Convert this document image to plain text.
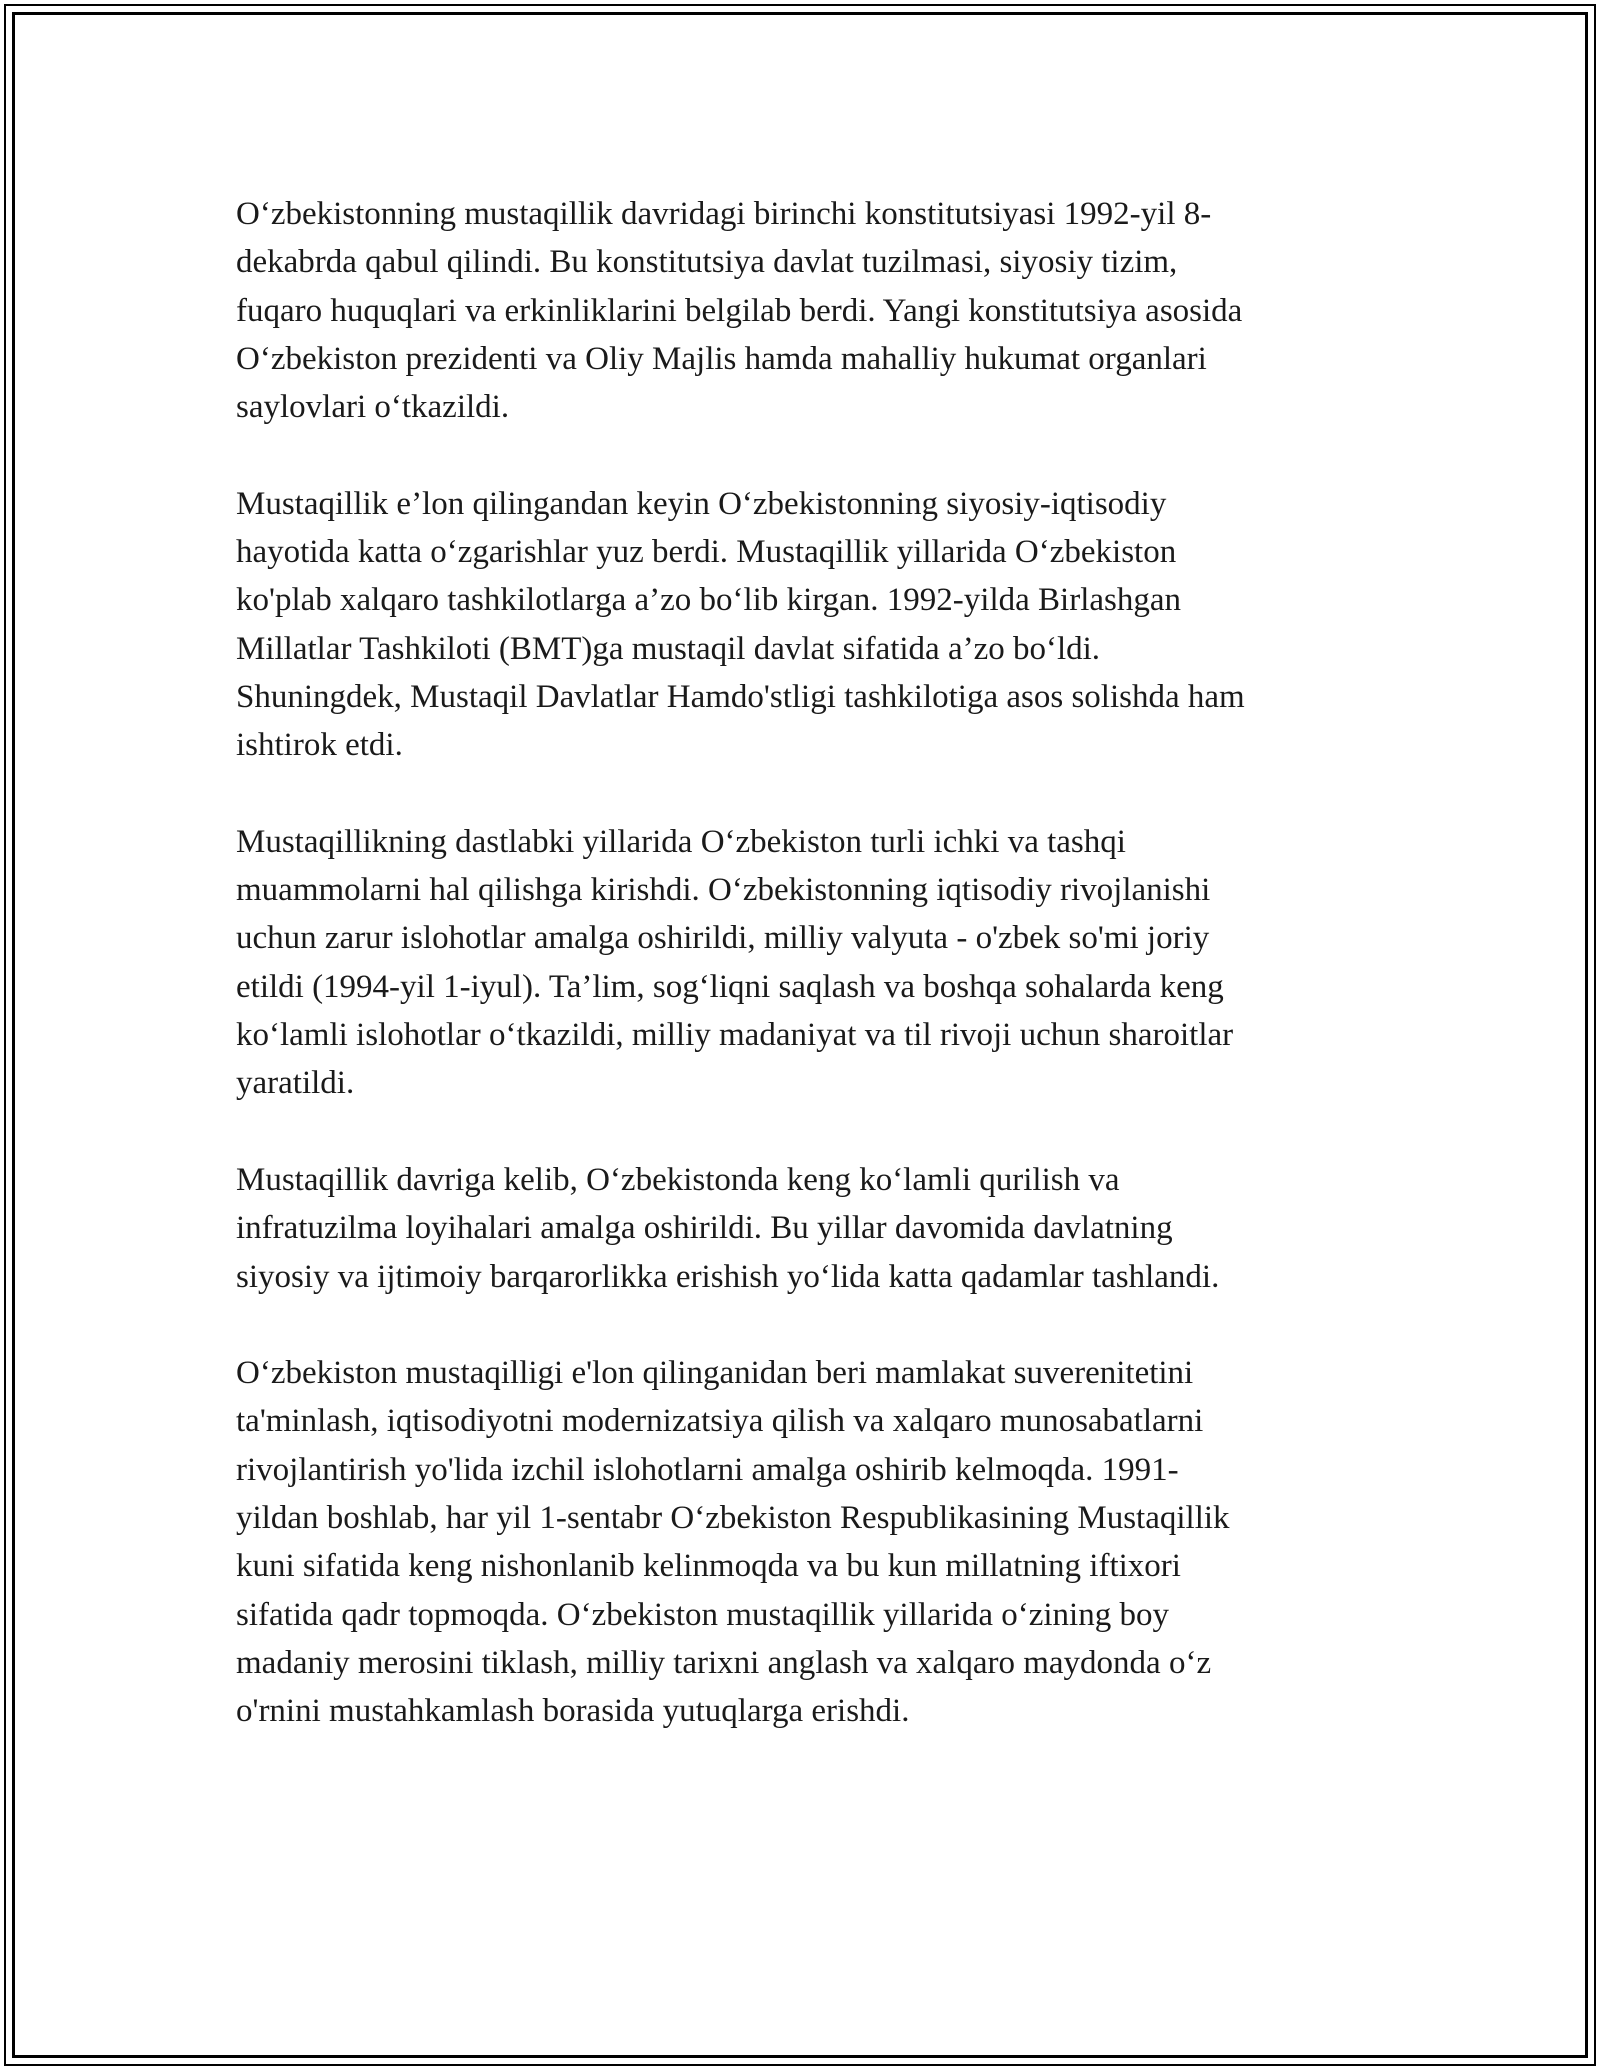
O‘zbekistonning mustaqillik davridagi birinchi konstitutsiyasi 1992-yil 8-
dekabrda qabul qilindi. Bu konstitutsiya davlat tuzilmasi, siyosiy tizim,
fuqaro huquqlari va erkinliklarini belgilab berdi. Yangi konstitutsiya asosida
O‘zbekiston prezidenti va Oliy Majlis hamda mahalliy hukumat organlari
saylovlari o‘tkazildi.

Mustaqillik e’lon qilingandan keyin O‘zbekistonning siyosiy-iqtisodiy
hayotida katta o‘zgarishlar yuz berdi. Mustaqillik yillarida O‘zbekiston
ko'plab xalqaro tashkilotlarga a’zo bo‘lib kirgan. 1992-yilda Birlashgan
Millatlar Tashkiloti (BMT)ga mustaqil davlat sifatida a’zo bo‘ldi.
Shuningdek, Mustaqil Davlatlar Hamdo'stligi tashkilotiga asos solishda ham
ishtirok etdi.

Mustaqillikning dastlabki yillarida O‘zbekiston turli ichki va tashqi
muammolarni hal qilishga kirishdi. O‘zbekistonning iqtisodiy rivojlanishi
uchun zarur islohotlar amalga oshirildi, milliy valyuta - o'zbek so'mi joriy
etildi (1994-yil 1-iyul). Ta’lim, sog‘liqni saqlash va boshqa sohalarda keng
ko‘lamli islohotlar o‘tkazildi, milliy madaniyat va til rivoji uchun sharoitlar
yaratildi.

Mustaqillik davriga kelib, O‘zbekistonda keng ko‘lamli qurilish va
infratuzilma loyihalari amalga oshirildi. Bu yillar davomida davlatning
siyosiy va ijtimoiy barqarorlikka erishish yo‘lida katta qadamlar tashlandi.

O‘zbekiston mustaqilligi e'lon qilinganidan beri mamlakat suverenitetini
ta'minlash, iqtisodiyotni modernizatsiya qilish va xalqaro munosabatlarni
rivojlantirish yo'lida izchil islohotlarni amalga oshirib kelmoqda. 1991-
yildan boshlab, har yil 1-sentabr O‘zbekiston Respublikasining Mustaqillik
kuni sifatida keng nishonlanib kelinmoqda va bu kun millatning iftixori
sifatida qadr topmoqda. O‘zbekiston mustaqillik yillarida o‘zining boy
madaniy merosini tiklash, milliy tarixni anglash va xalqaro maydonda o‘z
o'rnini mustahkamlash borasida yutuqlarga erishdi.
